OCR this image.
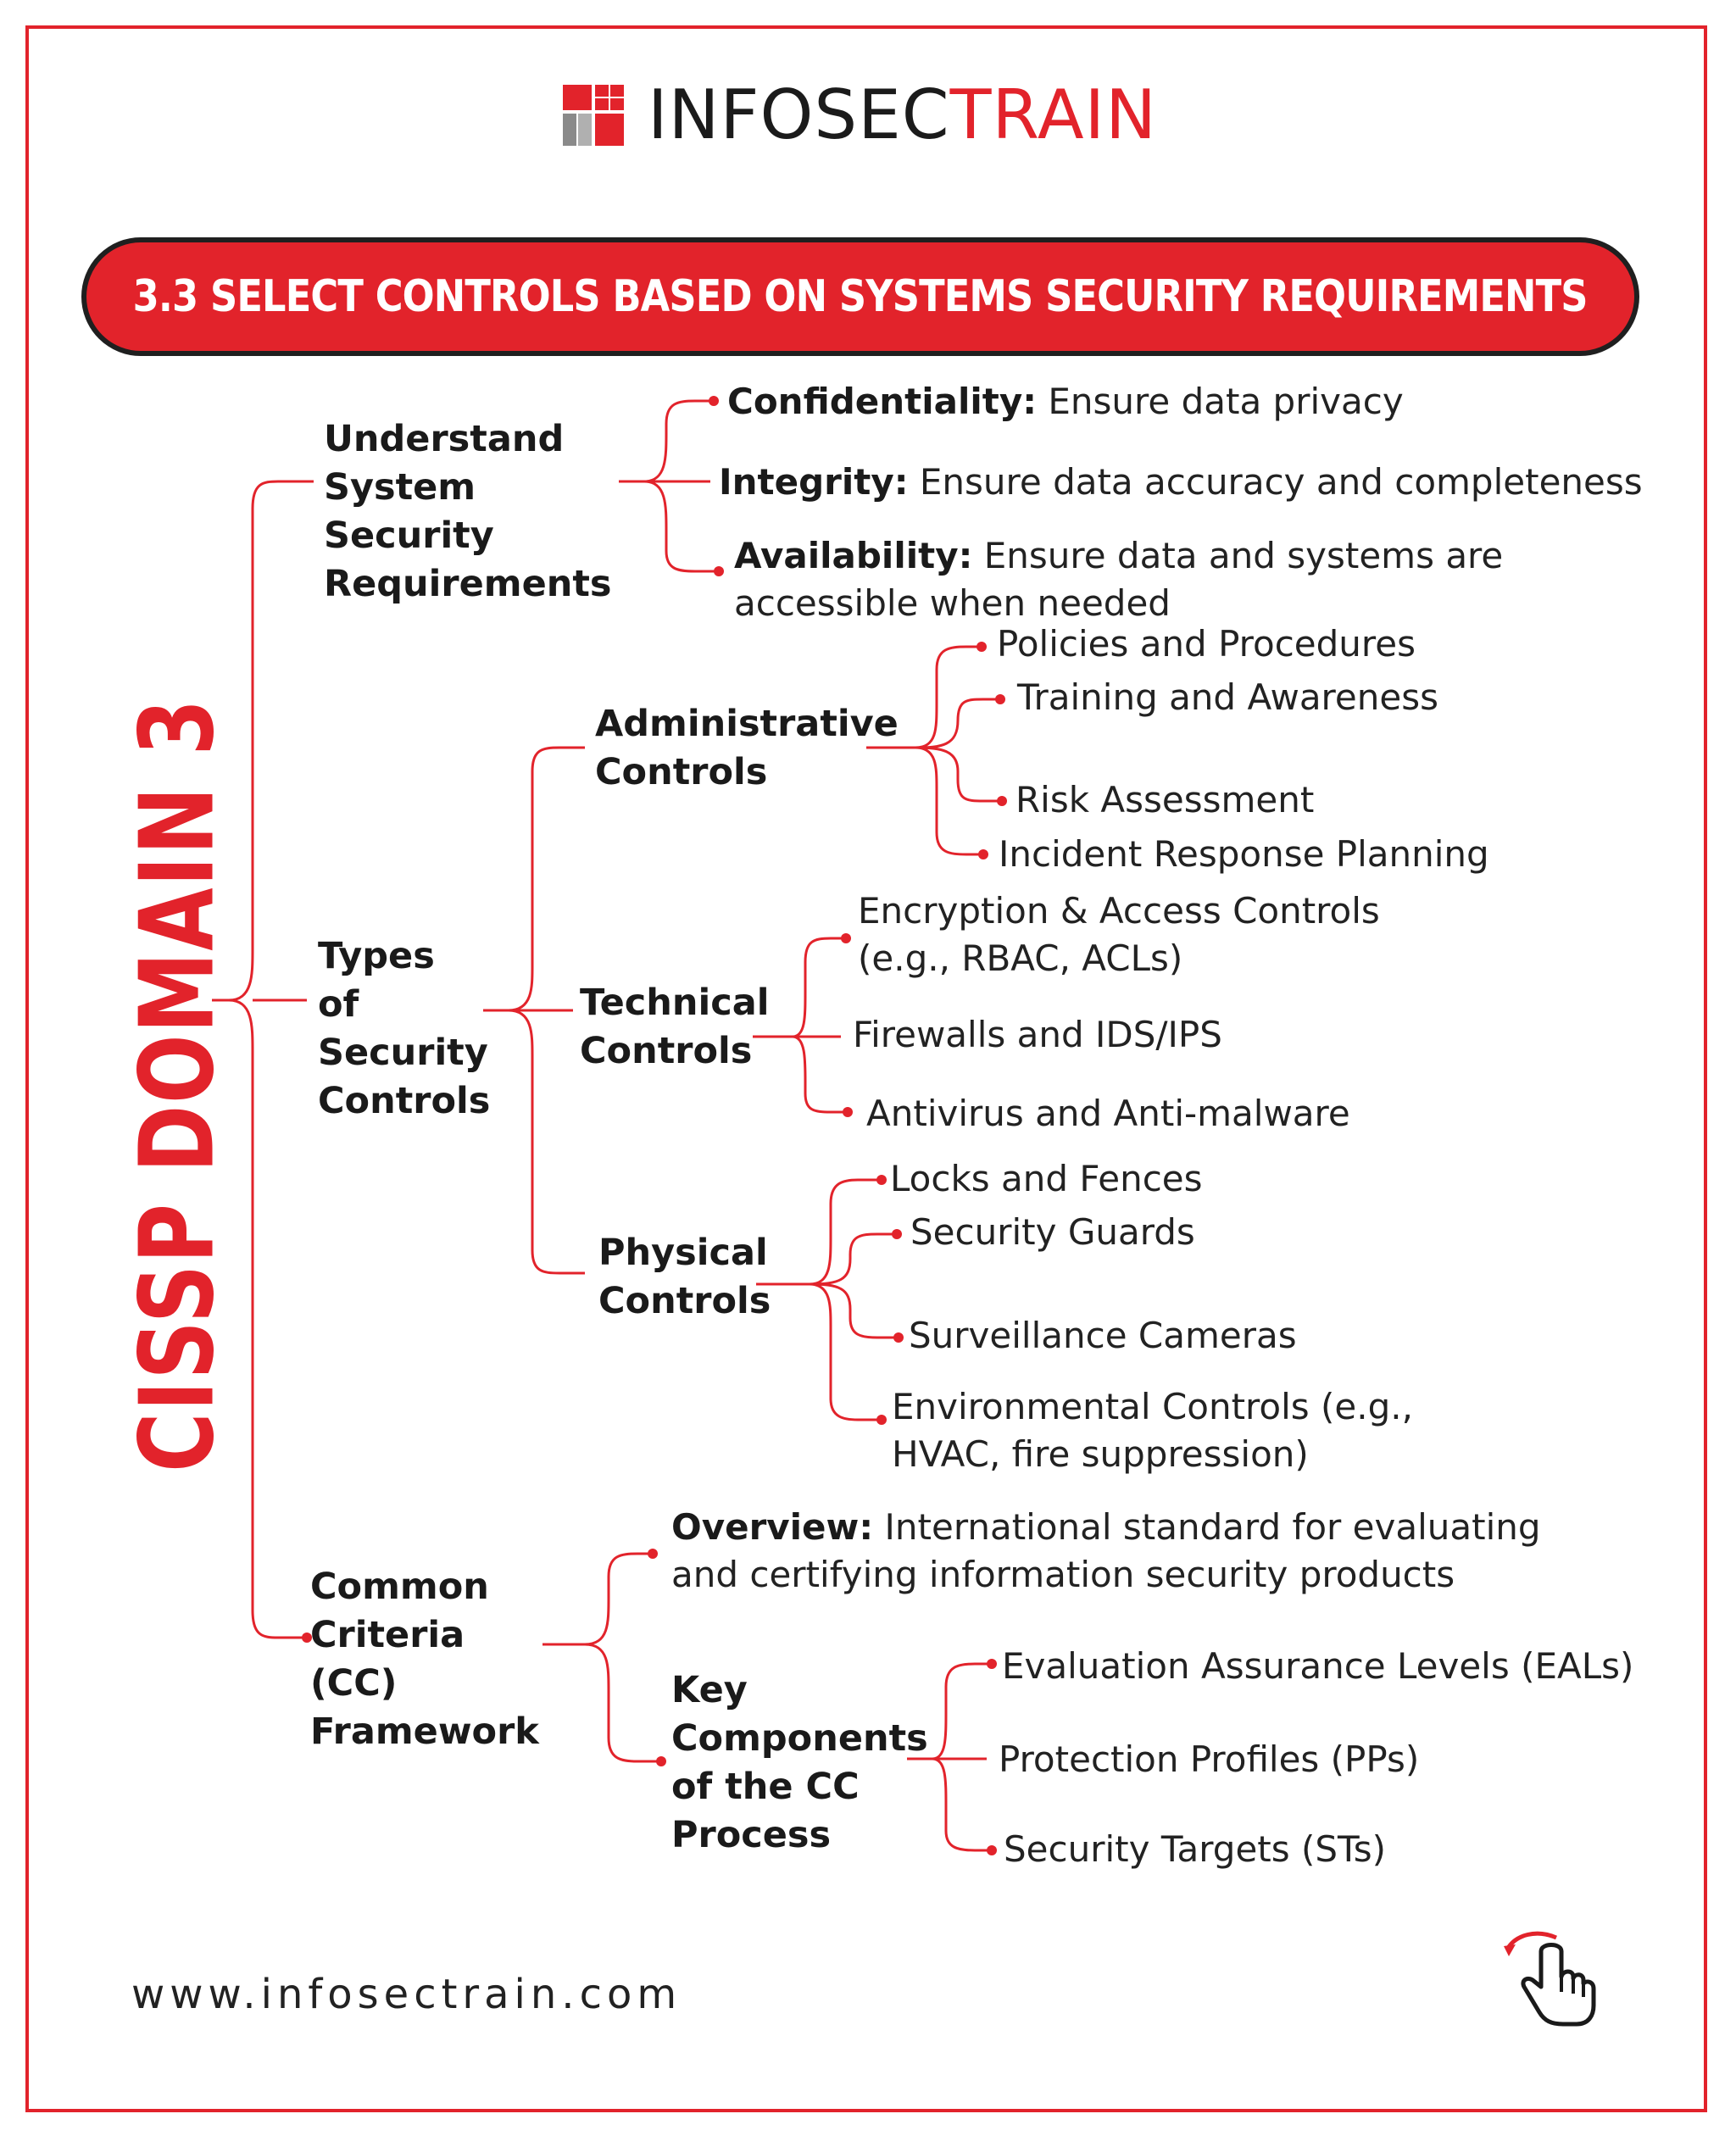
INFOSECTRAIN
3.3 SELECT CONTROLS BASED ON SYSTEMS SECURITY REQUIREMENTS
CISSP DOMAIN 3
Understand System Security Requirements
Confidentiality: Ensure data privacy
Integrity: Ensure data accuracy and completeness
Availability: Ensure data and systems are accessible when needed
Types of Security Controls
Administrative Controls
Policies and Procedures
Training and Awareness
Risk Assessment
Incident Response Planning
Technical Controls
Encryption & Access Controls (e.g., RBAC, ACLs)
Firewalls and IDS/IPS
Antivirus and Anti-malware
Physical Controls
Locks and Fences
Security Guards
Surveillance Cameras
Environmental Controls (e.g., HVAC, fire suppression)
Common Criteria (CC) Framework
Overview: International standard for evaluating and certifying information security products
Key Components of the CC Process
Evaluation Assurance Levels (EALs)
Protection Profiles (PPs)
Security Targets (STs)
www.infosectrain.com
